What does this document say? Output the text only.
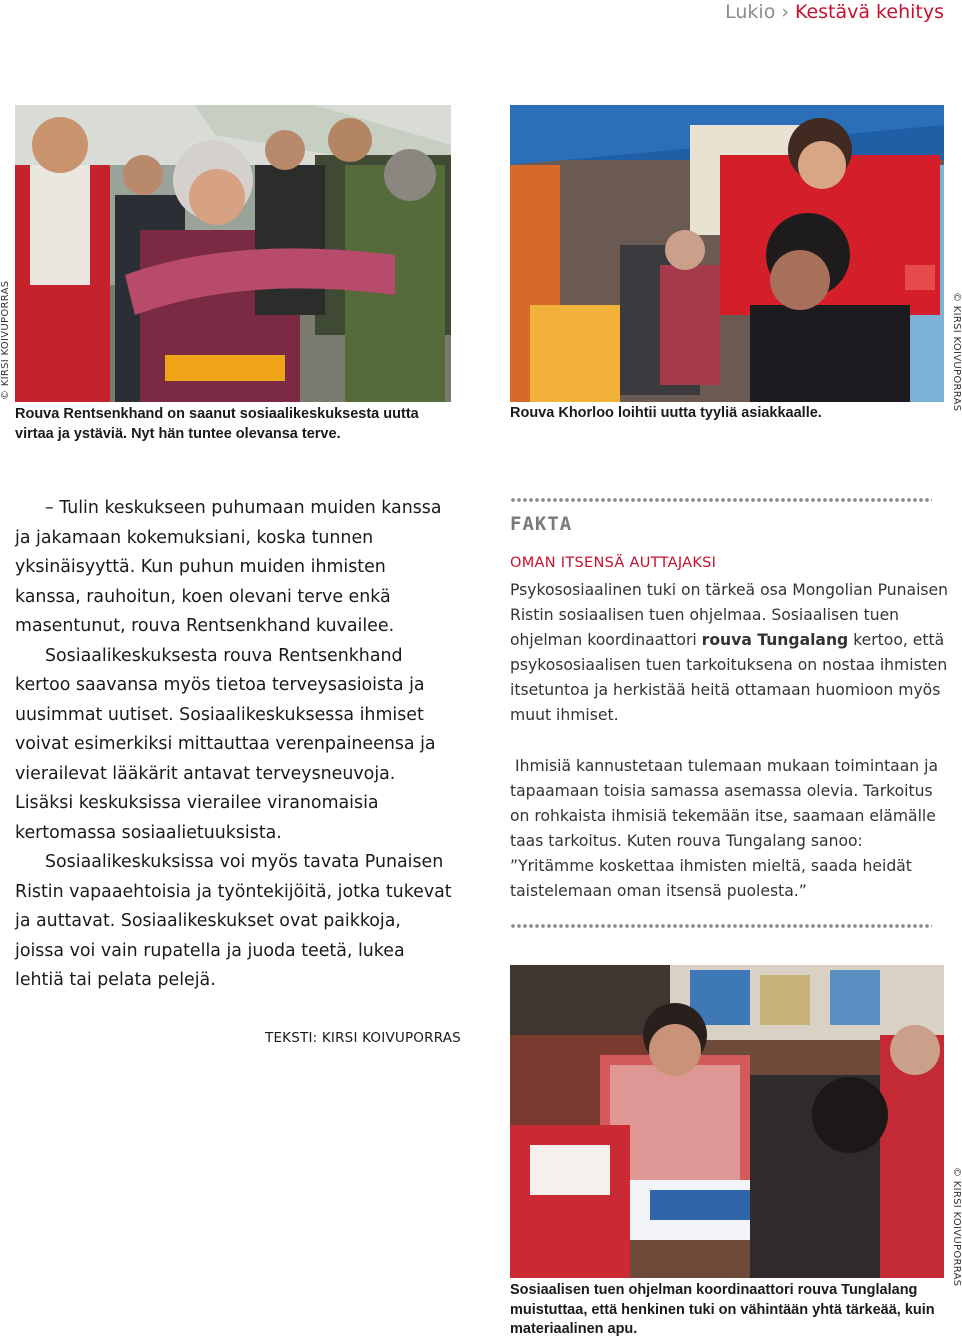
Lukio › Kestävä kehitys
© KIRSI KOIVUPORRAS
Rouva Rentsenkhand on saanut sosiaalikeskuksesta uutta virtaa ja ystäviä. Nyt hän tuntee olevansa terve.
© KIRSI KOIVUPORRAS
Rouva Khorloo loihtii uutta tyyliä asiakkaalle.

– Tulin keskukseen puhumaan muiden kanssa ja jakamaan kokemuksiani, koska tunnen yksinäisyyttä. Kun puhun muiden ihmisten kanssa, rauhoitun, koen olevani terve enkä masentunut, rouva Rentsenkhand kuvailee.

Sosiaalikeskuksesta rouva Rentsenkhand kertoo saavansa myös tietoa terveysasioista ja uusimmat uutiset. Sosiaalikeskuksessa ihmiset voivat esimerkiksi mittauttaa verenpaineensa ja vierailevat lääkärit antavat terveysneuvoja. Lisäksi keskuksissa vierailee viranomaisia kertomassa sosiaalietuuksista.

Sosiaalikeskuksissa voi myös tavata Punaisen Ristin vapaaehtoisia ja työntekijöitä, jotka tukevat ja auttavat. Sosiaalikeskukset ovat paikkoja, joissa voi vain rupatella ja juoda teetä, lukea lehtiä tai pelata pelejä.

TEKSTI: KIRSI KOIVUPORRAS
FAKTA
OMAN ITSENSÄ AUTTAJAKSI

Psykososiaalinen tuki on tärkeä osa Mongolian Punaisen Ristin sosiaalisen tuen ohjelmaa. Sosiaalisen tuen ohjelman koordinaattori rouva Tungalang kertoo, että psykososiaalisen tuen tarkoituksena on nostaa ihmisten itsetuntoa ja herkistää heitä ottamaan huomioon myös muut ihmiset.

Ihmisiä kannustetaan tulemaan mukaan toimintaan ja tapaamaan toisia samassa asemassa olevia. Tarkoitus on rohkaista ihmisiä tekemään itse, saamaan elämälle taas tarkoitus. Kuten rouva Tungalang sanoo: ”Yritämme koskettaa ihmisten mieltä, saada heidät taistelemaan oman itsensä puolesta.”

© KIRSI KOIVUPORRAS
Sosiaalisen tuen ohjelman koordinaattori rouva Tunglalang muistuttaa, että henkinen tuki on vähintään yhtä tärkeää, kuin materiaalinen apu.
